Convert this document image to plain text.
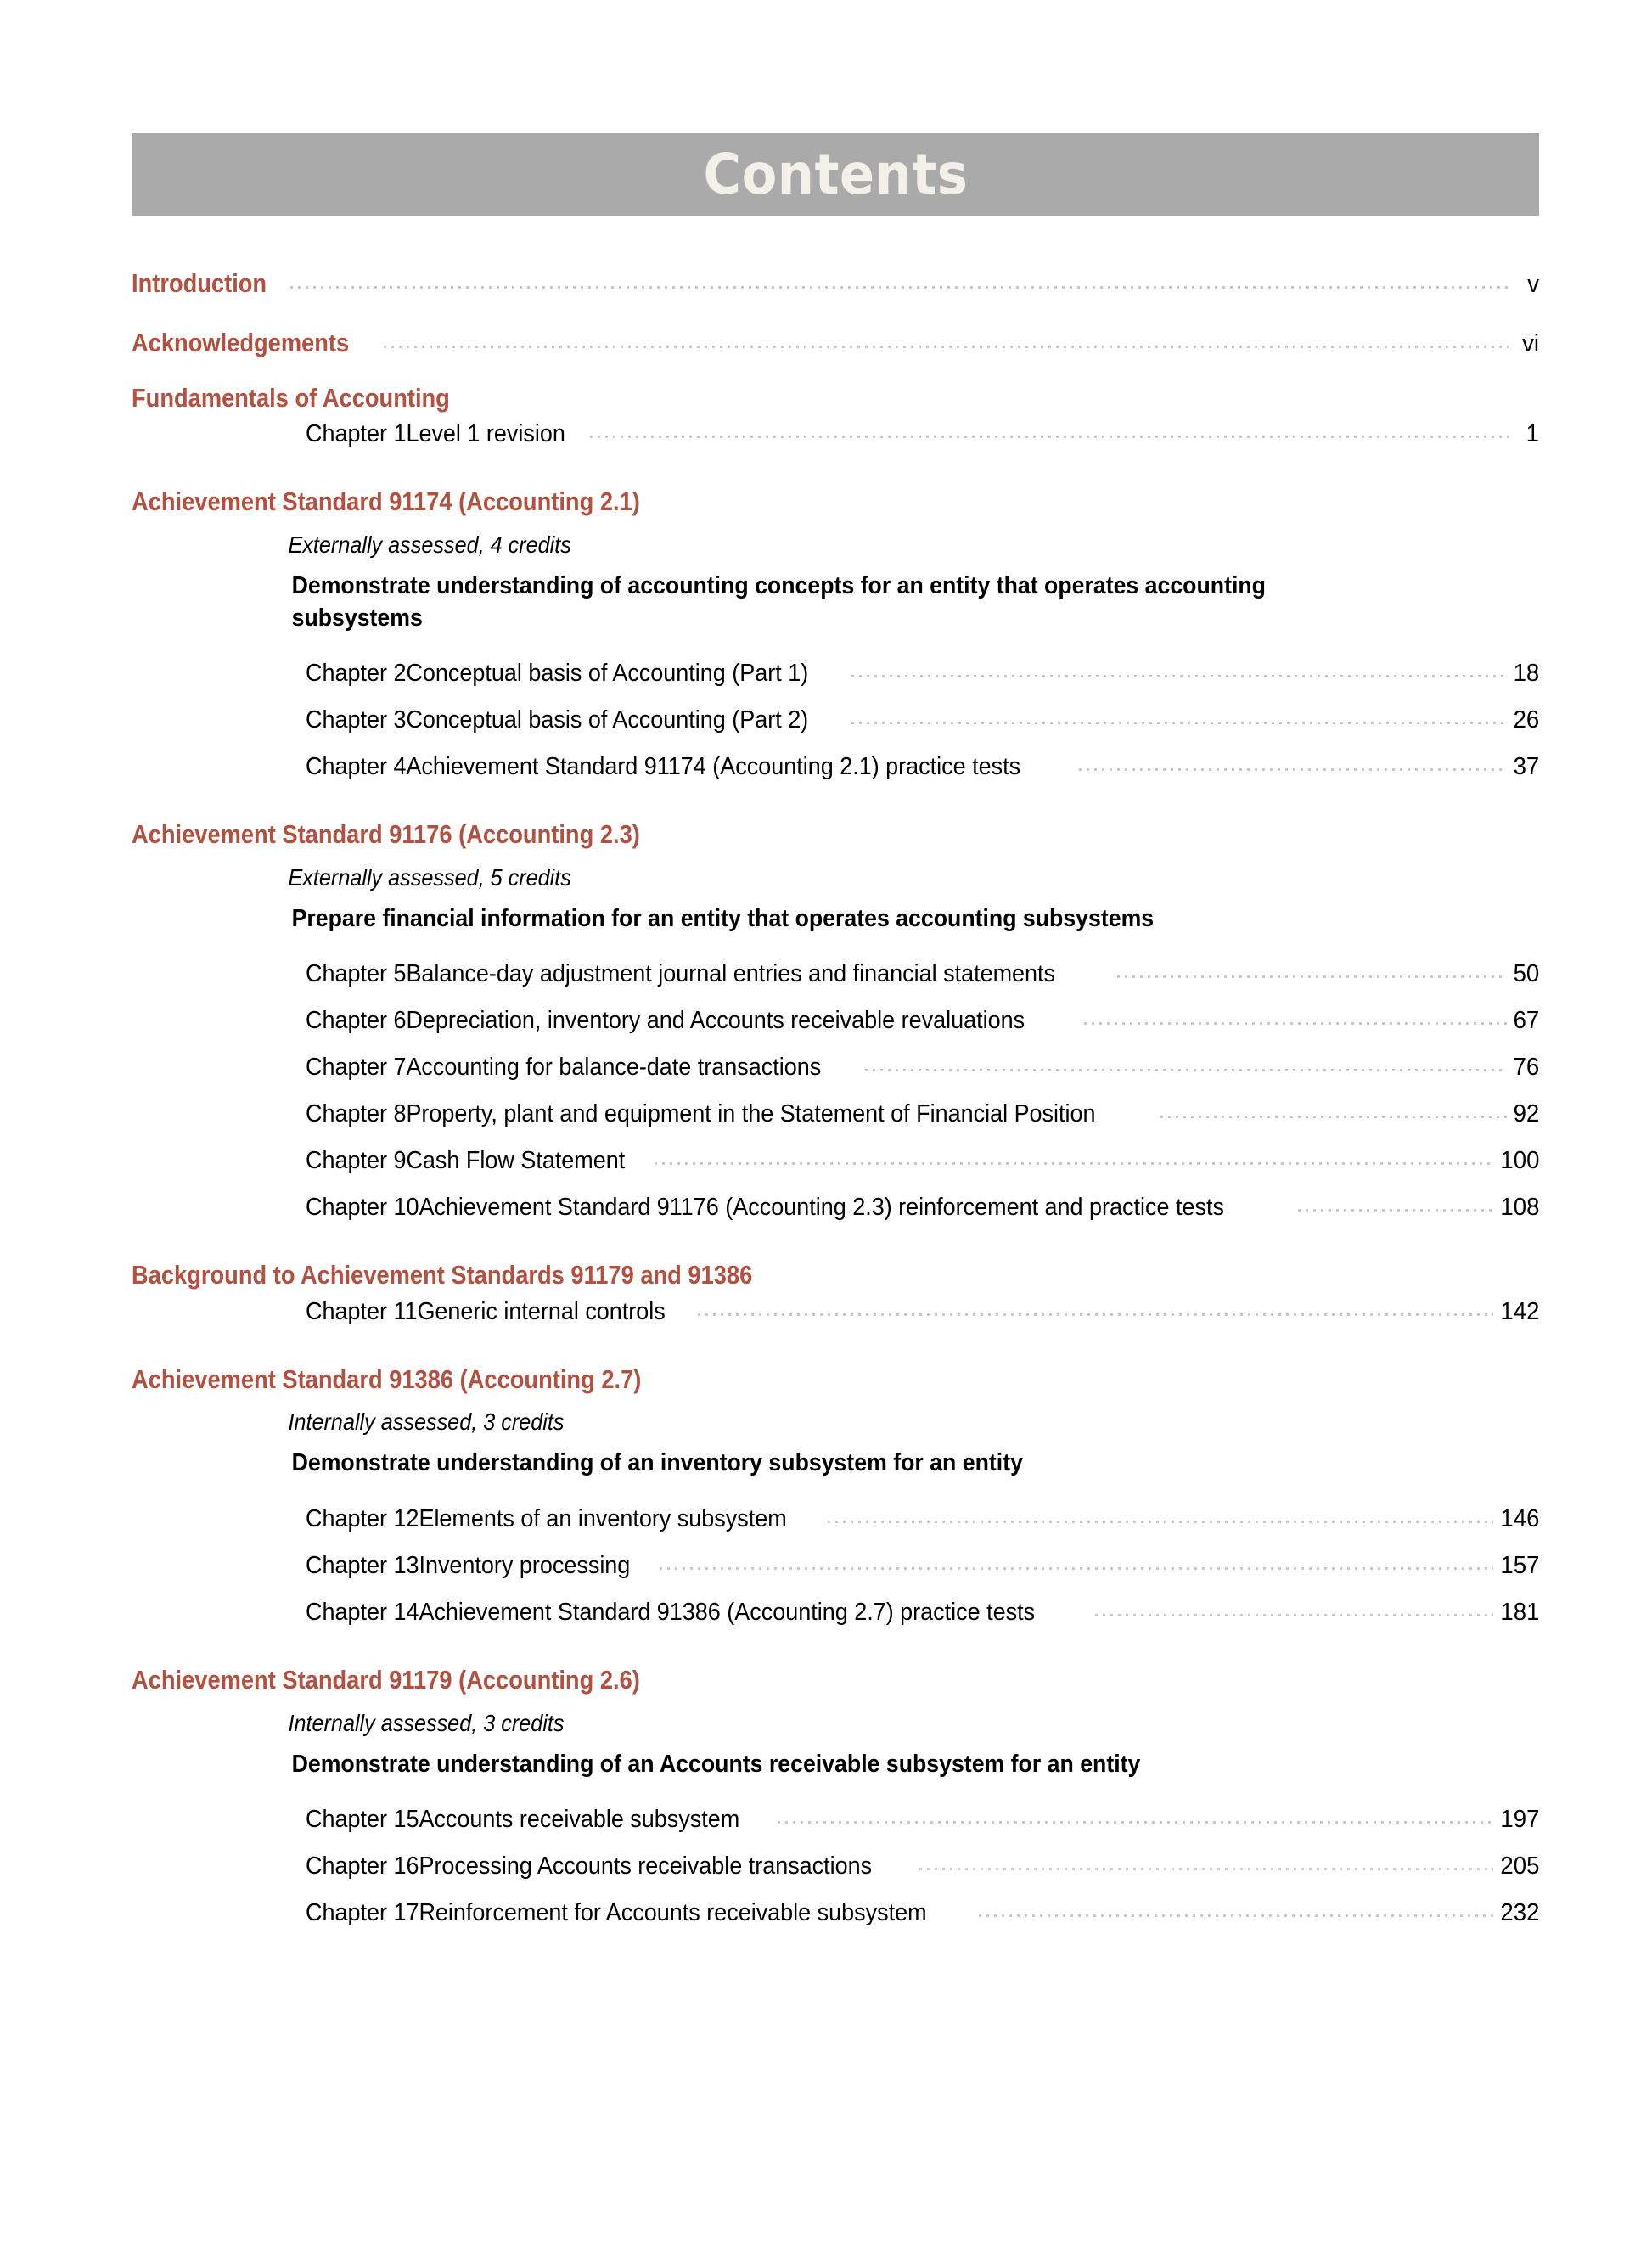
Contents
Introduction	v
Acknowledgements	vi
Fundamentals of Accounting
Chapter 1Level 1 revision	1
Achievement Standard 91174 (Accounting 2.1)
Externally assessed, 4 credits
Demonstrate understanding of accounting concepts for an entity that operates accounting subsystems
Chapter 2Conceptual basis of Accounting (Part 1)	18
Chapter 3Conceptual basis of Accounting (Part 2)	26
Chapter 4Achievement Standard 91174 (Accounting 2.1) practice tests	37
Achievement Standard 91176 (Accounting 2.3)
Externally assessed, 5 credits
Prepare financial information for an entity that operates accounting subsystems
Chapter 5Balance-day adjustment journal entries and financial statements	50
Chapter 6Depreciation, inventory and Accounts receivable revaluations	67
Chapter 7Accounting for balance-date transactions	76
Chapter 8Property, plant and equipment in the Statement of Financial Position	92
Chapter 9Cash Flow Statement	100
Chapter 10Achievement Standard 91176 (Accounting 2.3) reinforcement and practice tests	108
Background to Achievement Standards 91179 and 91386
Chapter 11Generic internal controls	142
Achievement Standard 91386 (Accounting 2.7)
Internally assessed, 3 credits
Demonstrate understanding of an inventory subsystem for an entity
Chapter 12Elements of an inventory subsystem	146
Chapter 13Inventory processing	157
Chapter 14Achievement Standard 91386 (Accounting 2.7) practice tests	181
Achievement Standard 91179 (Accounting 2.6)
Internally assessed, 3 credits
Demonstrate understanding of an Accounts receivable subsystem for an entity
Chapter 15Accounts receivable subsystem	197
Chapter 16Processing Accounts receivable transactions	205
Chapter 17Reinforcement for Accounts receivable subsystem	232
